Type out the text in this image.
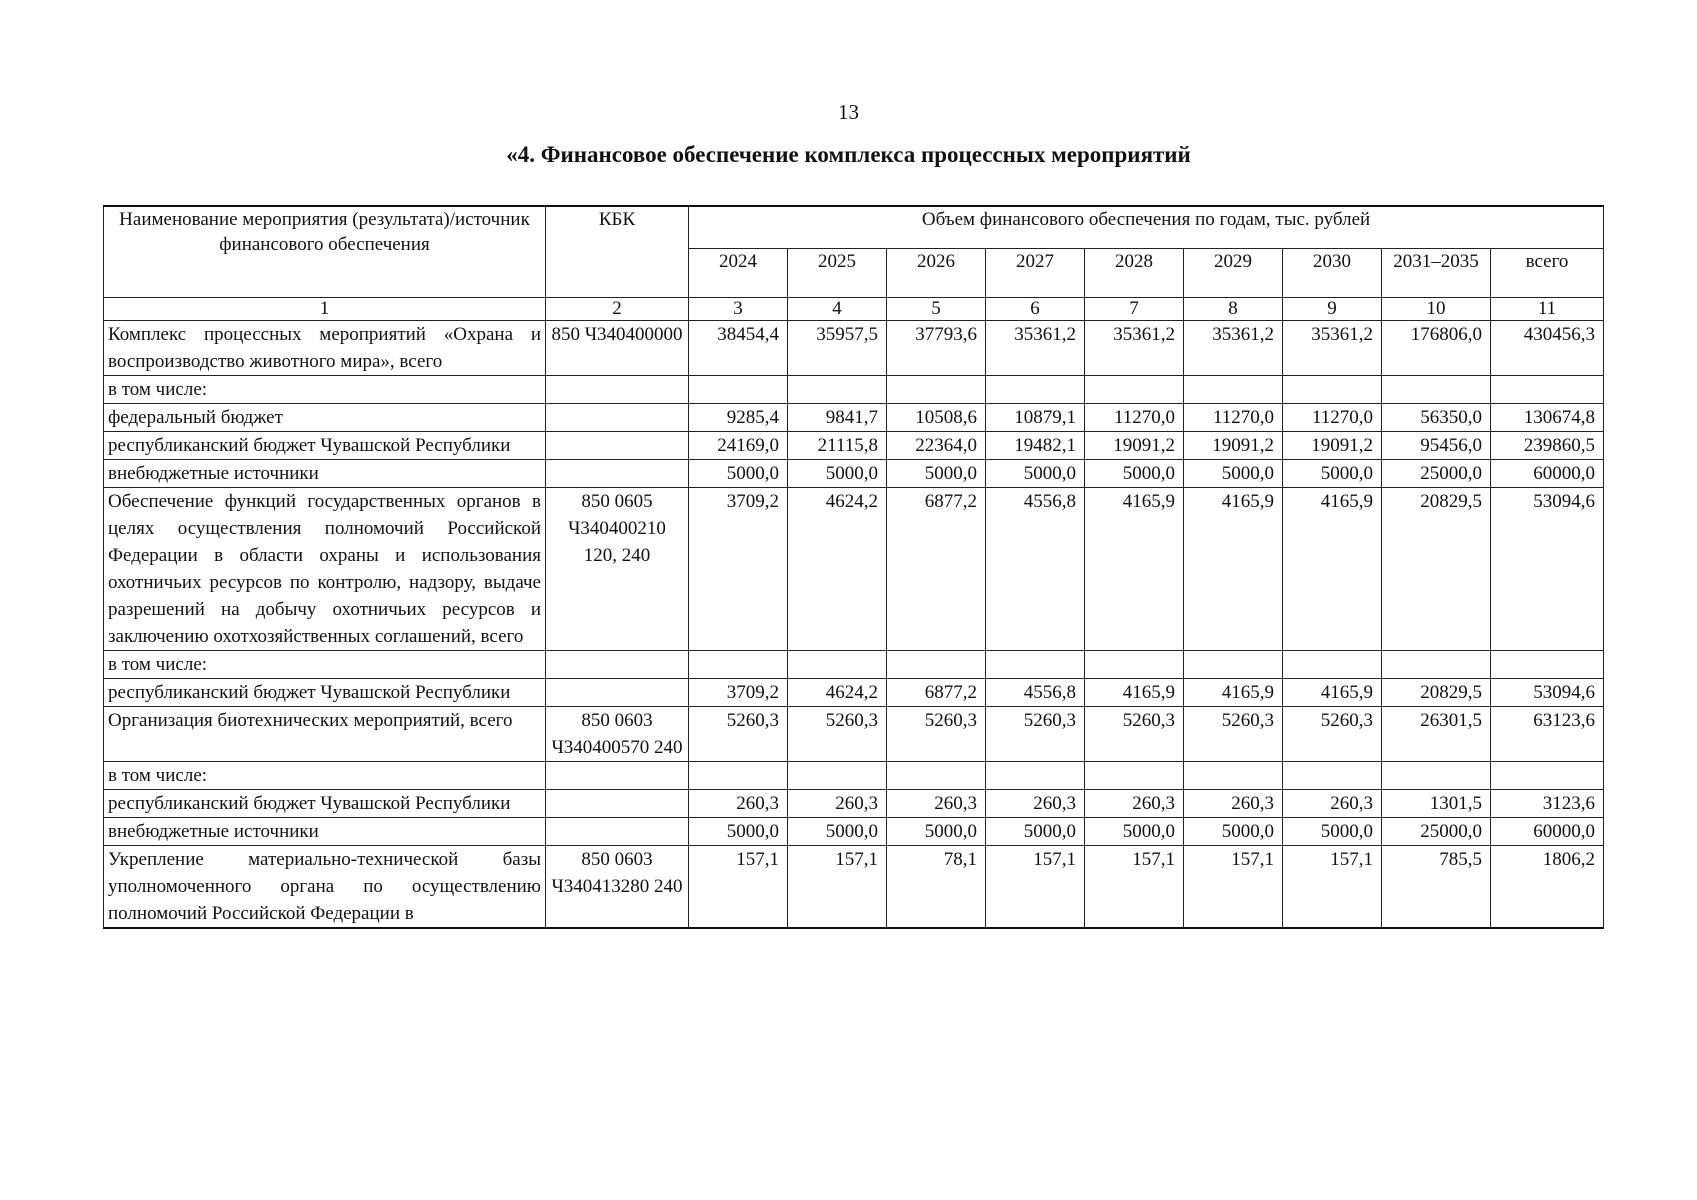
13
«4. Финансовое обеспечение комплекса процессных мероприятий
Наименование мероприятия (результата)/источник финансового обеспечения	КБК	Объем финансового обеспечения по годам, тыс. рублей								
		2024	2025	2026	2027	2028	2029	2030	2031–2035	всего
1	2	3	4	5	6	7	8	9	10	11
Комплекс процессных мероприятий «Охрана и воспроизводство животного мира», всего	850 Ч340400000	38454,4	35957,5	37793,6	35361,2	35361,2	35361,2	35361,2	176806,0	430456,3
в том числе:										
федеральный бюджет		9285,4	9841,7	10508,6	10879,1	11270,0	11270,0	11270,0	56350,0	130674,8
республиканский бюджет Чувашской Республики		24169,0	21115,8	22364,0	19482,1	19091,2	19091,2	19091,2	95456,0	239860,5
внебюджетные источники		5000,0	5000,0	5000,0	5000,0	5000,0	5000,0	5000,0	25000,0	60000,0
Обеспечение функций государственных органов в целях осуществления полномочий Российской Федерации в области охраны и использования охотничьих ресурсов по контролю, надзору, выдаче разрешений на добычу охотничьих ресурсов и заключению охотхозяйственных соглашений, всего	850 0605 Ч340400210 120, 240	3709,2	4624,2	6877,2	4556,8	4165,9	4165,9	4165,9	20829,5	53094,6
в том числе:										
республиканский бюджет Чувашской Республики		3709,2	4624,2	6877,2	4556,8	4165,9	4165,9	4165,9	20829,5	53094,6
Организация биотехнических мероприятий, всего	850 0603 Ч340400570 240	5260,3	5260,3	5260,3	5260,3	5260,3	5260,3	5260,3	26301,5	63123,6
в том числе:										
республиканский бюджет Чувашской Республики		260,3	260,3	260,3	260,3	260,3	260,3	260,3	1301,5	3123,6
внебюджетные источники		5000,0	5000,0	5000,0	5000,0	5000,0	5000,0	5000,0	25000,0	60000,0
Укрепление материально-технической базы уполномоченного органа по осуществлению полномочий Российской Федерации в	850 0603 Ч340413280 240	157,1	157,1	78,1	157,1	157,1	157,1	157,1	785,5	1806,2
